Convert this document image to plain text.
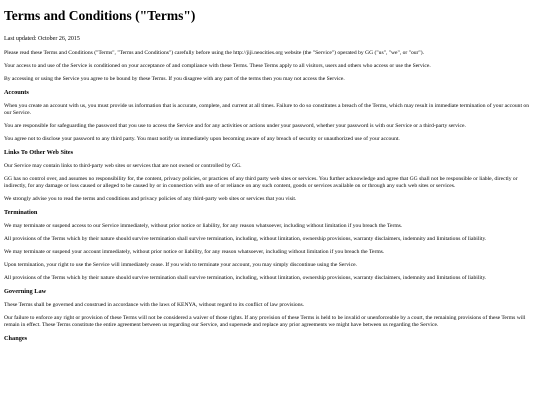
Terms and Conditions ("Terms")

Last updated: October 26, 2015

Please read these Terms and Conditions ("Terms", "Terms and Conditions") carefully before using the http://jiji.neocities.org website (the "Service") operated by GG ("us", "we", or "our").

Your access to and use of the Service is conditioned on your acceptance of and compliance with these Terms. These Terms apply to all visitors, users and others who access or use the Service.

By accessing or using the Service you agree to be bound by these Terms. If you disagree with any part of the terms then you may not access the Service.

Accounts

When you create an account with us, you must provide us information that is accurate, complete, and current at all times. Failure to do so constitutes a breach of the Terms, which may result in immediate termination of your account on our Service.

You are responsible for safeguarding the password that you use to access the Service and for any activities or actions under your password, whether your password is with our Service or a third-party service.

You agree not to disclose your password to any third party. You must notify us immediately upon becoming aware of any breach of security or unauthorized use of your account.

Links To Other Web Sites

Our Service may contain links to third-party web sites or services that are not owned or controlled by GG.

GG has no control over, and assumes no responsibility for, the content, privacy policies, or practices of any third party web sites or services. You further acknowledge and agree that GG shall not be responsible or liable, directly or indirectly, for any damage or loss caused or alleged to be caused by or in connection with use of or reliance on any such content, goods or services available on or through any such web sites or services.

We strongly advise you to read the terms and conditions and privacy policies of any third-party web sites or services that you visit.

Termination

We may terminate or suspend access to our Service immediately, without prior notice or liability, for any reason whatsoever, including without limitation if you breach the Terms.

All provisions of the Terms which by their nature should survive termination shall survive termination, including, without limitation, ownership provisions, warranty disclaimers, indemnity and limitations of liability.

We may terminate or suspend your account immediately, without prior notice or liability, for any reason whatsoever, including without limitation if you breach the Terms.

Upon termination, your right to use the Service will immediately cease. If you wish to terminate your account, you may simply discontinue using the Service.

All provisions of the Terms which by their nature should survive termination shall survive termination, including, without limitation, ownership provisions, warranty disclaimers, indemnity and limitations of liability.

Governing Law

These Terms shall be governed and construed in accordance with the laws of KENYA, without regard to its conflict of law provisions.

Our failure to enforce any right or provision of these Terms will not be considered a waiver of those rights. If any provision of these Terms is held to be invalid or unenforceable by a court, the remaining provisions of these Terms will remain in effect. These Terms constitute the entire agreement between us regarding our Service, and supersede and replace any prior agreements we might have between us regarding the Service.

Changes
